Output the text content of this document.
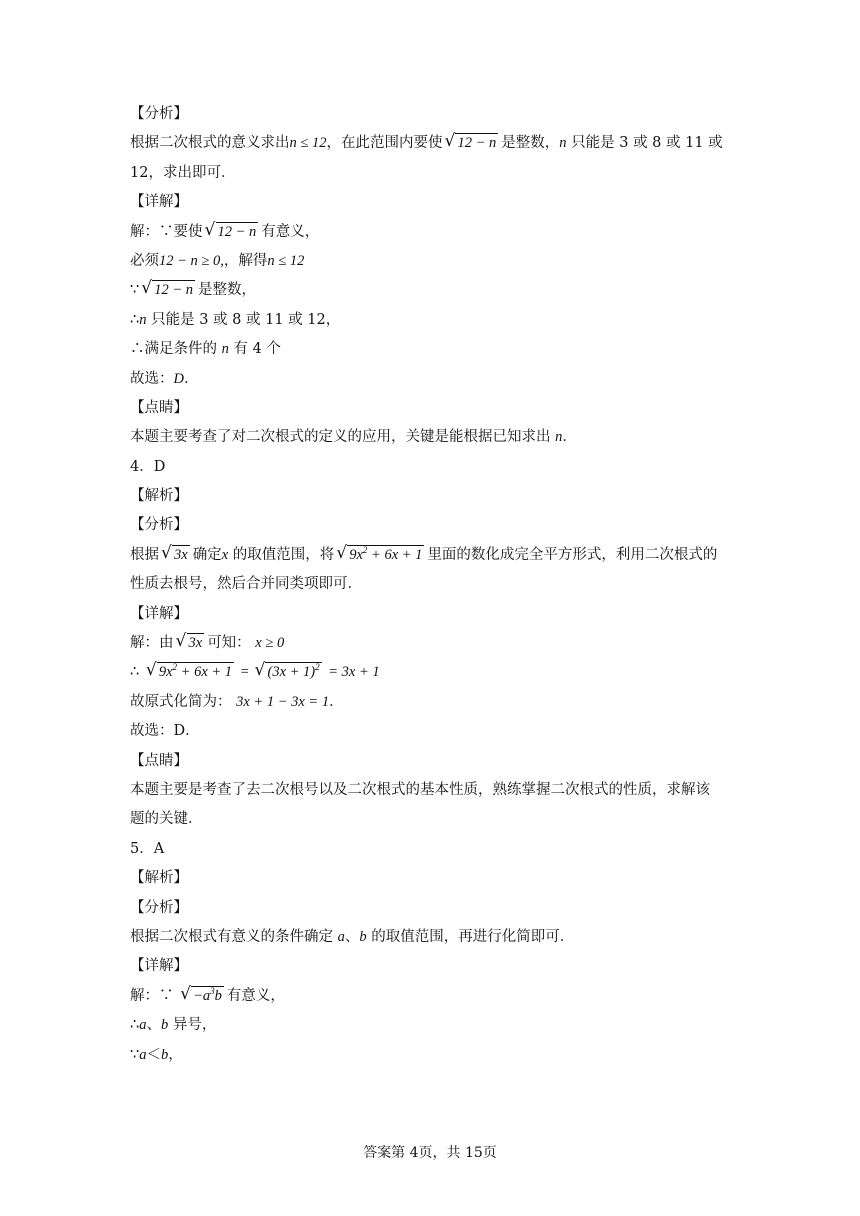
【分析】
根据二次根式的意义求出n ≤ 12，在此范围内要使 √ 12 − n 是整数，n 只能是 3 或 8 或 11 或
12，求出即可．
【详解】
解：∵要使 √ 12 − n 有意义，
必须12 − n ≥ 0,，解得n ≤ 12
∵ √ 12 − n 是整数，
∴n 只能是 3 或 8 或 11 或 12，
∴满足条件的 n 有 4 个
故选：D．
【点睛】
本题主要考查了对二次根式的定义的应用，关键是能根据已知求出 n．
4．D
【解析】
【分析】
根据 √ 3x 确定x 的取值范围，将 √ $9x^2 + 6x + 1$ 里面的数化成完全平方形式，利用二次根式的
性质去根号，然后合并同类项即可．
【详解】
解：由 √ 3x 可知： x ≥ 0
∴ √ $9x^2 + 6x + 1$ = √ $(3x + 1)^2 = 3x + 1$
故原式化简为： 3x + 1 − 3x = 1．
故选：D．
【点睛】
本题主要是考查了去二次根号以及二次根式的基本性质，熟练掌握二次根式的性质，求解该
题的关键．
5．A
【解析】
【分析】
根据二次根式有意义的条件确定 a、b 的取值范围，再进行化简即可．
【详解】
解：∵ √ $-a^3b$ 有意义，
∴a、b 异号，
∵a＜b，
答案第 4页，共 15页
